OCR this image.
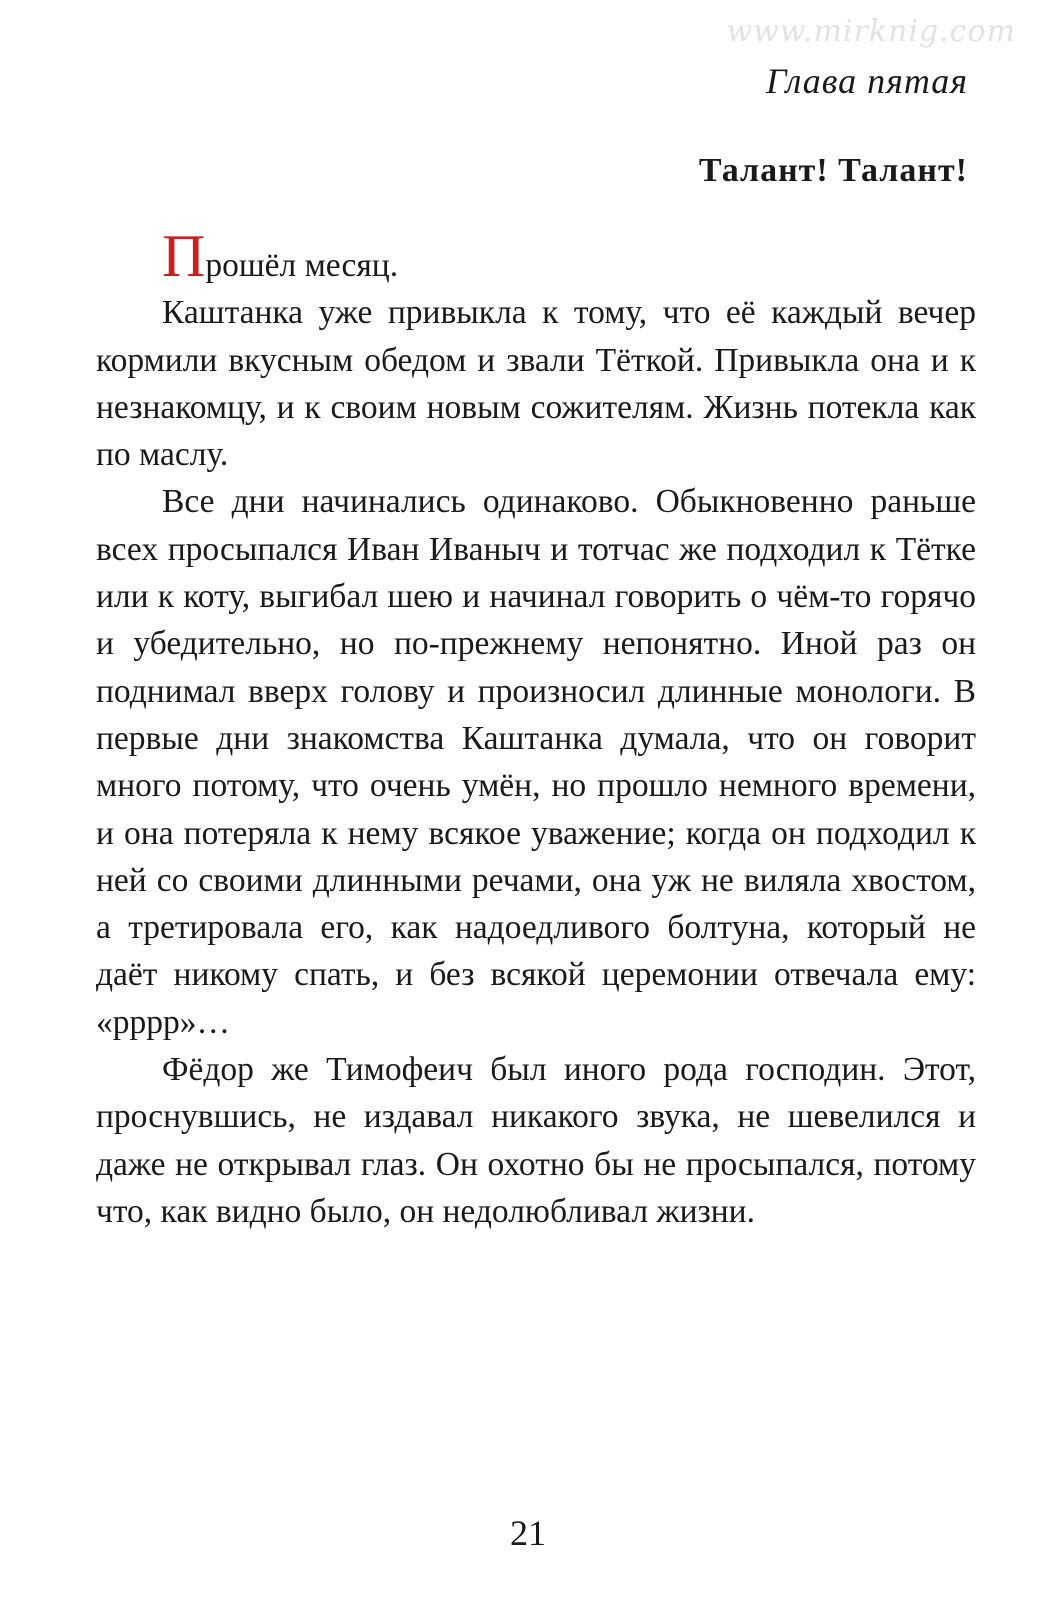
www.mirknig.com
Глава пятая
Талант! Талант!

Прошёл месяц.

Каштанка уже привыкла к тому, что её каждый вечер кормили вкусным обедом и звали Тёткой. Привыкла она и к незнакомцу, и к своим новым сожителям. Жизнь потекла как по маслу.

Все дни начинались одинаково. Обыкновенно раньше всех просыпался Иван Иваныч и тотчас же подходил к Тётке или к коту, выгибал шею и начинал говорить о чём-то горячо и убедительно, но по-прежнему непонятно. Иной раз он поднимал вверх голову и произносил длинные монологи. В первые дни знакомства Каштанка думала, что он говорит много потому, что очень умён, но прошло немного времени, и она потеряла к нему всякое уважение; когда он подходил к ней со своими длинными речами, она уж не виляла хвостом, а третировала его, как надоедливого болтуна, который не даёт никому спать, и без всякой церемонии отвечала ему: «рррр»…

Фёдор же Тимофеич был иного рода господин. Этот, проснувшись, не издавал никакого звука, не шевелился и даже не открывал глаз. Он охотно бы не просыпался, потому что, как видно было, он недолюбливал жизни.

21
